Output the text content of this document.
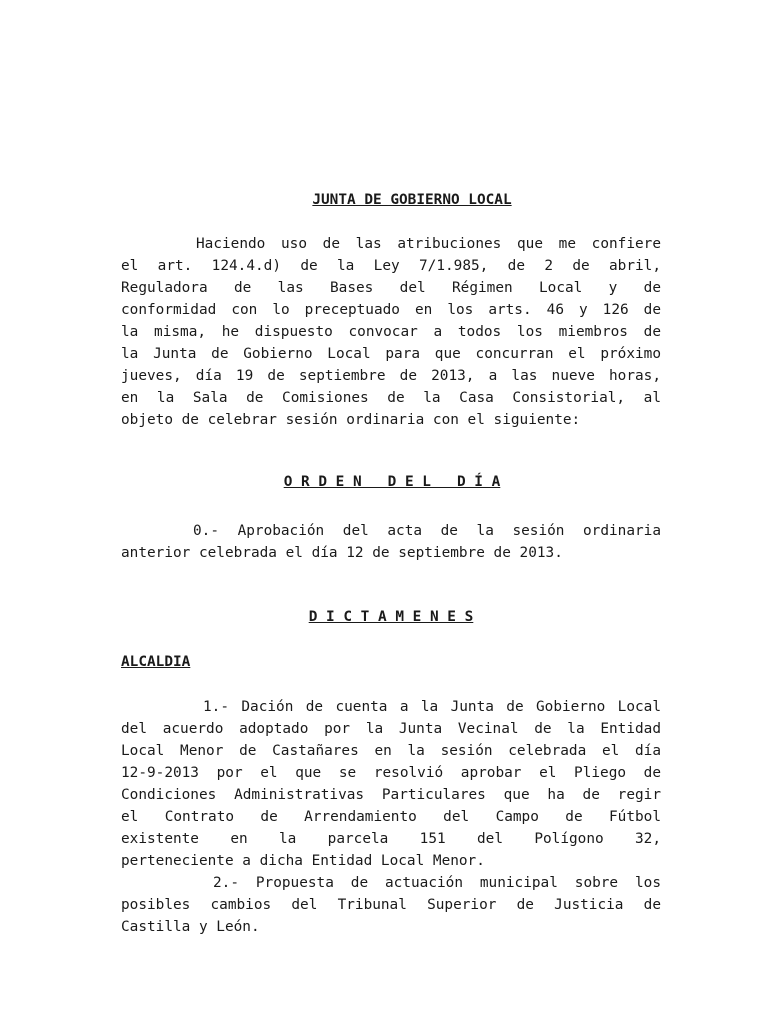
JUNTA DE GOBIERNO LOCAL
Haciendo uso de las atribuciones que me confiere
el art. 124.4.d) de la Ley 7/1.985, de 2 de abril,
Reguladora de las Bases del Régimen Local y de
conformidad con lo preceptuado en los arts. 46 y 126 de
la misma, he dispuesto convocar a todos los miembros de
la Junta de Gobierno Local para que concurran el próximo
jueves, día 19 de septiembre de 2013, a las nueve horas,
en la Sala de Comisiones de la Casa Consistorial, al
objeto de celebrar sesión ordinaria con el siguiente:
O R D E N   D E L   D Í A
0.- Aprobación del acta de la sesión ordinaria
anterior celebrada el día 12 de septiembre de 2013.
D I C T A M E N E S
ALCALDIA
1.- Dación de cuenta a la Junta de Gobierno Local
del acuerdo adoptado por la Junta Vecinal de la Entidad
Local Menor de Castañares en la sesión celebrada el día
12-9-2013 por el que se resolvió aprobar el Pliego de
Condiciones Administrativas Particulares que ha de regir
el Contrato de Arrendamiento del Campo de Fútbol
existente en la parcela 151 del Polígono 32,
perteneciente a dicha Entidad Local Menor.
2.- Propuesta de actuación municipal sobre los
posibles cambios del Tribunal Superior de Justicia de
Castilla y León.
